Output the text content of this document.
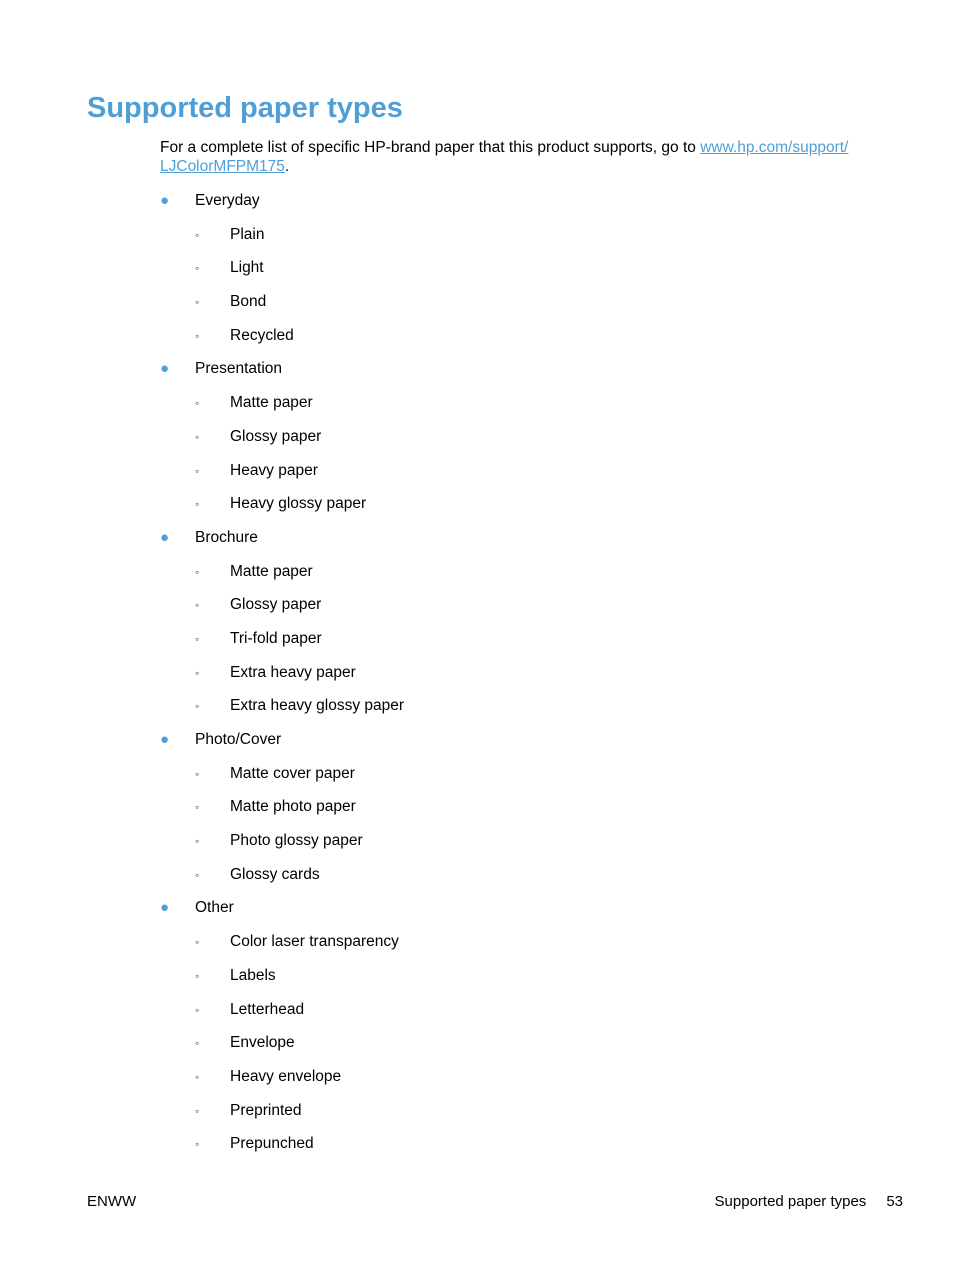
Supported paper types

For a complete list of specific HP-brand paper that this product supports, go to www.hp.com/support/ LJColorMFPM175.

● Everyday
◦ Plain
◦ Light
◦ Bond
◦ Recycled
● Presentation
◦ Matte paper
◦ Glossy paper
◦ Heavy paper
◦ Heavy glossy paper
● Brochure
◦ Matte paper
◦ Glossy paper
◦ Tri-fold paper
◦ Extra heavy paper
◦ Extra heavy glossy paper
● Photo/Cover
◦ Matte cover paper
◦ Matte photo paper
◦ Photo glossy paper
◦ Glossy cards
● Other
◦ Color laser transparency
◦ Labels
◦ Letterhead
◦ Envelope
◦ Heavy envelope
◦ Preprinted
◦ Prepunched
ENWW	Supported paper types 53
